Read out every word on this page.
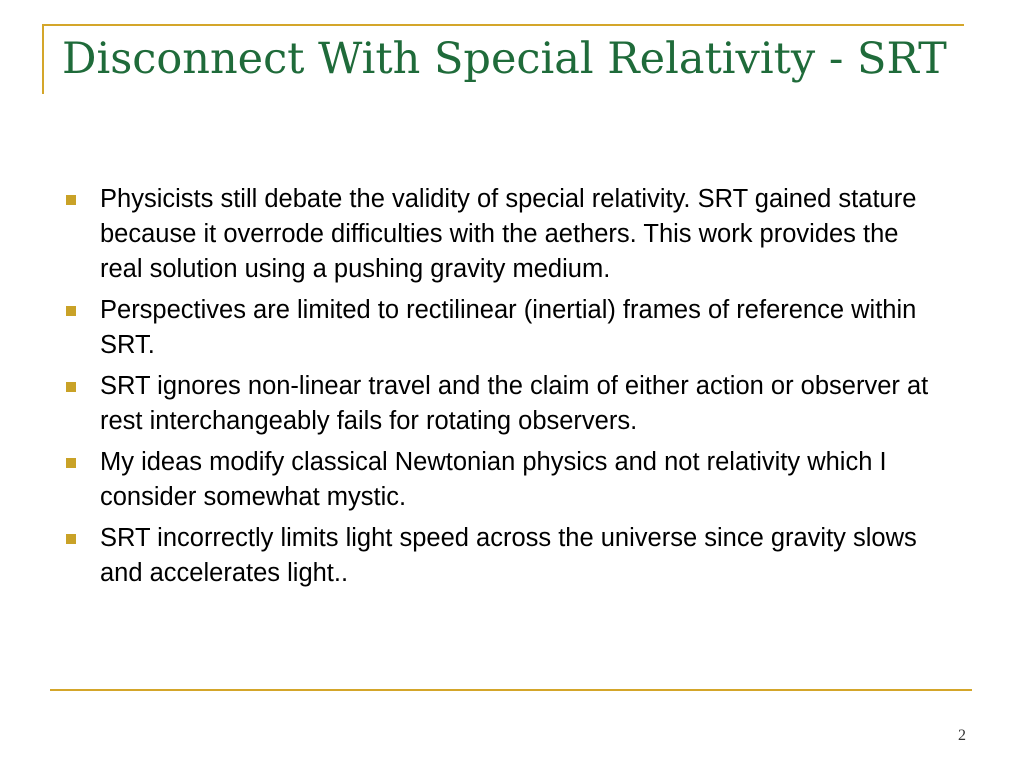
Disconnect With Special Relativity - SRT
Physicists still debate the validity of special relativity. SRT gained stature because it overrode difficulties with the aethers. This work provides the real solution using a pushing gravity medium.
Perspectives are limited to rectilinear (inertial) frames of reference within SRT.
SRT ignores non-linear travel and the claim of either action or observer at rest interchangeably fails for rotating observers.
My ideas modify classical Newtonian physics and not relativity which I consider somewhat mystic.
SRT incorrectly limits light speed across the universe since gravity slows and accelerates light..
2
